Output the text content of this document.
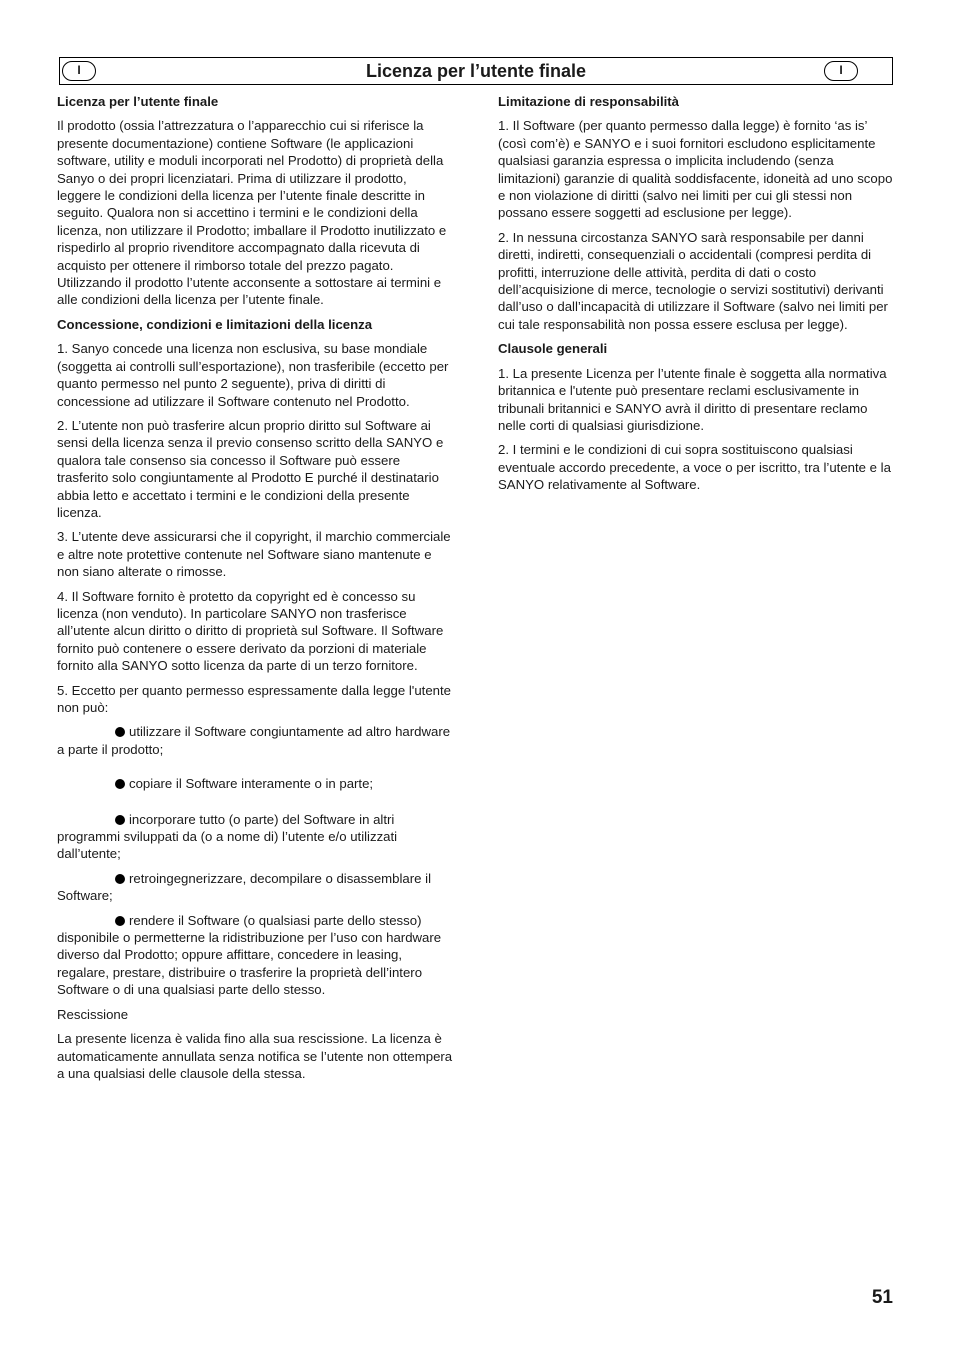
I	Licenza per l’utente finale	I

Licenza per l’utente finale

Il prodotto (ossia l’attrezzatura o l’apparecchio cui si riferisce la presente documentazione) contiene Software (le applicazioni software, utility e moduli incorporati nel Prodotto) di proprietà della Sanyo o dei propri licenziatari. Prima di utilizzare il prodotto, leggere le condizioni della licenza per l’utente finale descritte in seguito. Qualora non si accettino i termini e le condizioni della licenza, non utilizzare il Prodotto; imballare il Prodotto inutilizzato e rispedirlo al proprio rivenditore accompagnato dalla ricevuta di acquisto per ottenere il rimborso totale del prezzo pagato. Utilizzando il prodotto l’utente acconsente a sottostare ai termini e alle condizioni della licenza per l’utente finale.

Concessione, condizioni e limitazioni della licenza

1. Sanyo concede una licenza non esclusiva, su base mondiale (soggetta ai controlli sull’esportazione), non trasferibile (eccetto per quanto permesso nel punto 2 seguente), priva di diritti di concessione ad utilizzare il Software contenuto nel Prodotto.

2. L’utente non può trasferire alcun proprio diritto sul Software ai sensi della licenza senza il previo consenso scritto della SANYO e qualora tale consenso sia concesso il Software può essere trasferito solo congiuntamente al Prodotto E purché il destinatario abbia letto e accettato i termini e le condizioni della presente licenza.

3. L’utente deve assicurarsi che il copyright, il marchio commerciale e altre note protettive contenute nel Software siano mantenute e non siano alterate o rimosse.

4. Il Software fornito è protetto da copyright ed è concesso su licenza (non venduto). In particolare SANYO non trasferisce all’utente alcun diritto o diritto di proprietà sul Software. Il Software fornito può contenere o essere derivato da porzioni di materiale fornito alla SANYO sotto licenza da parte di un terzo fornitore.

5. Eccetto per quanto permesso espressamente dalla legge l'utente non può:

utilizzare il Software congiuntamente ad altro hardware a parte il prodotto;

copiare il Software interamente o in parte;

incorporare tutto (o parte) del Software in altri programmi sviluppati da (o a nome di) l’utente e/o utilizzati dall’utente;

retroingegnerizzare, decompilare o disassemblare il Software;

rendere il Software (o qualsiasi parte dello stesso) disponibile o permetterne la ridistribuzione per l’uso con hardware diverso dal Prodotto; oppure affittare, concedere in leasing, regalare, prestare, distribuire o trasferire la proprietà dell’intero Software o di una qualsiasi parte dello stesso.

Rescissione

La presente licenza è valida fino alla sua rescissione. La licenza è automaticamente annullata senza notifica se l’utente non ottempera a una qualsiasi delle clausole della stessa.

Limitazione di responsabilità

1. Il Software (per quanto permesso dalla legge) è fornito ‘as is’ (così com’è) e SANYO e i suoi fornitori escludono esplicitamente qualsiasi garanzia espressa o implicita includendo (senza limitazioni) garanzie di qualità soddisfacente, idoneità ad uno scopo e non violazione di diritti (salvo nei limiti per cui gli stessi non possano essere soggetti ad esclusione per legge).

2. In nessuna circostanza SANYO sarà responsabile per danni diretti, indiretti, consequenziali o accidentali (compresi perdita di profitti, interruzione delle attività, perdita di dati o costo dell’acquisizione di merce, tecnologie o servizi sostitutivi) derivanti dall’uso o dall’incapacità di utilizzare il Software (salvo nei limiti per cui tale responsabilità non possa essere esclusa per legge).

Clausole generali

1. La presente Licenza per l’utente finale è soggetta alla normativa britannica e l'utente può presentare reclami esclusivamente in tribunali britannici e SANYO avrà il diritto di presentare reclamo nelle corti di qualsiasi giurisdizione.

2. I termini e le condizioni di cui sopra sostituiscono qualsiasi eventuale accordo precedente, a voce o per iscritto, tra l’utente e la SANYO relativamente al Software.

51
